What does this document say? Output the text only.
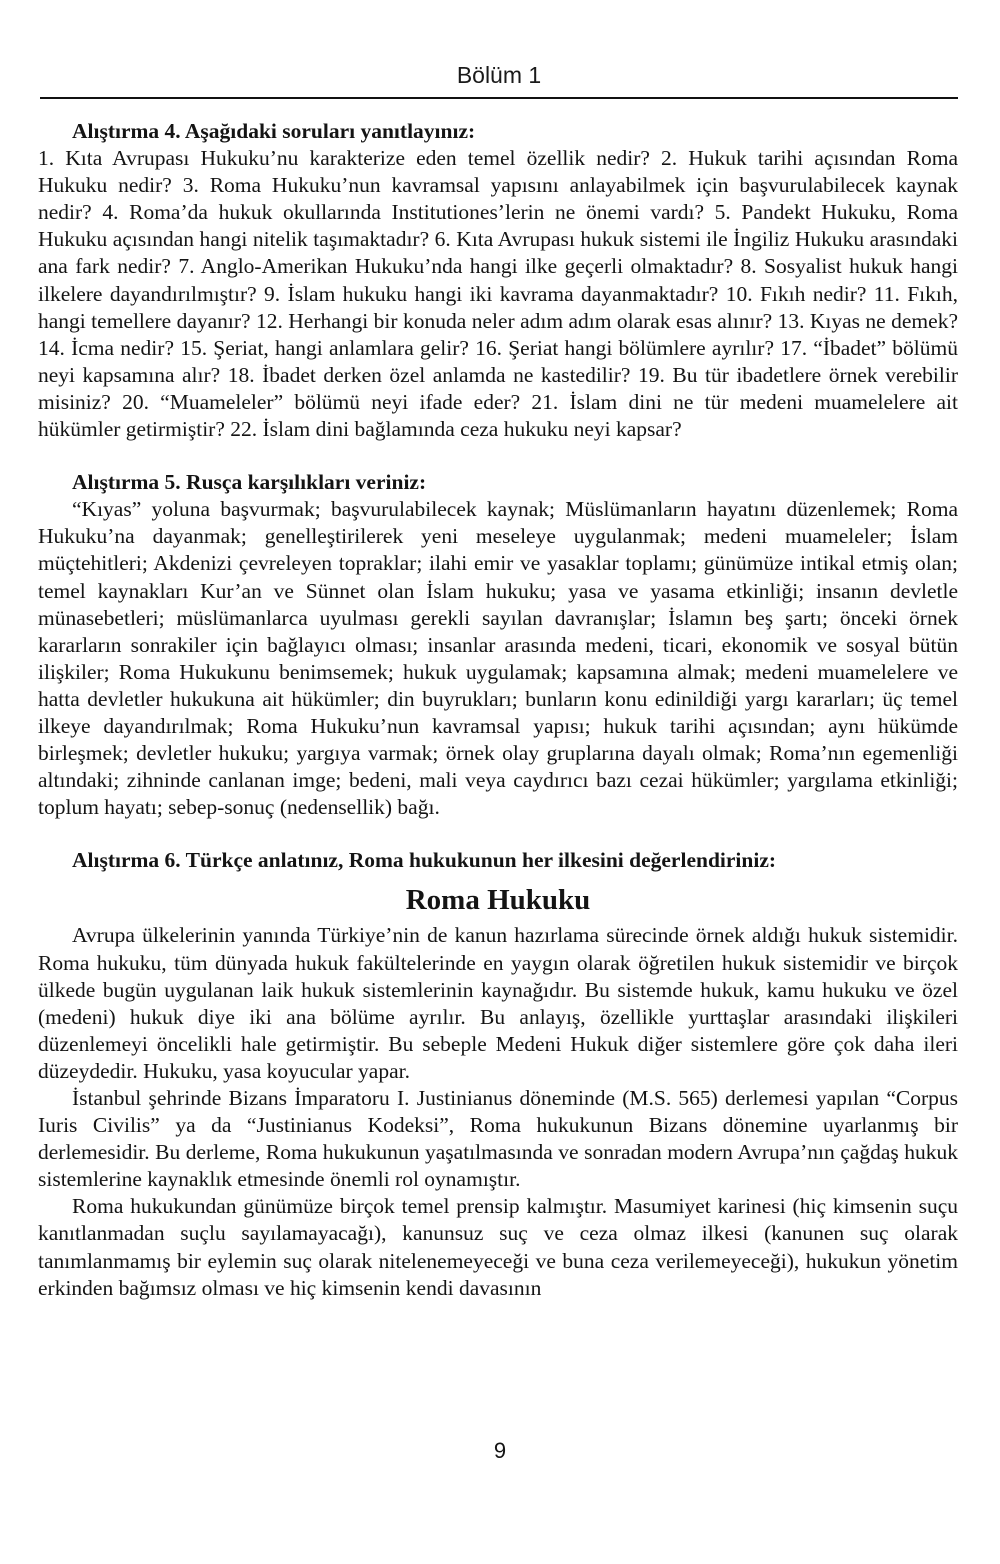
Bölüm 1

Alıştırma 4. Aşağıdaki soruları yanıtlayınız:

1. Kıta Avrupası Hukuku’nu karakterize eden temel özellik nedir? 2. Hukuk tarihi açısından Roma Hukuku nedir? 3. Roma Hukuku’nun kavramsal yapısını anlayabilmek için başvurulabilecek kaynak nedir? 4. Roma’da hukuk okullarında Institutiones’lerin ne önemi vardı? 5. Pandekt Hukuku, Roma Hukuku açısından hangi nitelik taşımaktadır? 6. Kıta Avrupası hukuk sistemi ile İngiliz Hukuku arasındaki ana fark nedir? 7. Anglo-Amerikan Hukuku’nda hangi ilke geçerli olmaktadır? 8. Sosyalist hukuk hangi ilkelere dayandırılmıştır? 9. İslam hukuku hangi iki kavrama dayanmaktadır? 10. Fıkıh nedir? 11. Fıkıh, hangi temellere dayanır? 12. Herhangi bir konuda neler adım adım olarak esas alınır? 13. Kıyas ne demek? 14. İcma nedir? 15. Şeriat, hangi anlamlara gelir? 16. Şeriat hangi bölümlere ayrılır? 17. “İbadet” bölümü neyi kapsamına alır? 18. İbadet derken özel anlamda ne kastedilir? 19. Bu tür ibadetlere örnek verebilir misiniz? 20. “Muameleler” bölümü neyi ifade eder? 21. İslam dini ne tür medeni muamelelere ait hükümler getirmiştir? 22. İslam dini bağlamında ceza hukuku neyi kapsar?

Alıştırma 5. Rusça karşılıkları veriniz:

“Kıyas” yoluna başvurmak; başvurulabilecek kaynak; Müslümanların hayatını düzenlemek; Roma Hukuku’na dayanmak; genelleştirilerek yeni meseleye uygulanmak; medeni muameleler; İslam müçtehitleri; Akdenizi çevreleyen topraklar; ilahi emir ve yasaklar toplamı; günümüze intikal etmiş olan; temel kaynakları Kur’an ve Sünnet olan İslam hukuku; yasa ve yasama etkinliği; insanın devletle münasebetleri; müslümanlarca uyulması gerekli sayılan davranışlar; İslamın beş şartı; önceki örnek kararların sonrakiler için bağlayıcı olması; insanlar arasında medeni, ticari, ekonomik ve sosyal bütün ilişkiler; Roma Hukukunu benimsemek; hukuk uygulamak; kapsamına almak; medeni muamelelere ve hatta devletler hukukuna ait hükümler; din buyrukları; bunların konu edinildiği yargı kararları; üç temel ilkeye dayandırılmak; Roma Hukuku’nun kavramsal yapısı; hukuk tarihi açısından; aynı hükümde birleşmek; devletler hukuku; yargıya varmak; örnek olay gruplarına dayalı olmak; Roma’nın egemenliği altındaki; zihninde canlanan imge; bedeni, mali veya caydırıcı bazı cezai hükümler; yargılama etkinliği; toplum hayatı; sebep-sonuç (nedensellik) bağı.

Alıştırma 6. Türkçe anlatınız, Roma hukukunun her ilkesini değerlendiriniz:

Roma Hukuku

Avrupa ülkelerinin yanında Türkiye’nin de kanun hazırlama sürecinde örnek aldığı hukuk sistemidir. Roma hukuku, tüm dünyada hukuk fakültelerinde en yaygın olarak öğretilen hukuk sistemidir ve birçok ülkede bugün uygulanan laik hukuk sistemlerinin kaynağıdır. Bu sistemde hukuk, kamu hukuku ve özel (medeni) hukuk diye iki ana bölüme ayrılır. Bu anlayış, özellikle yurttaşlar arasındaki ilişkileri düzenlemeyi öncelikli hale getirmiştir. Bu sebeple Medeni Hukuk diğer sistemlere göre çok daha ileri düzeydedir. Hukuku, yasa koyucular yapar.

İstanbul şehrinde Bizans İmparatoru I. Justinianus döneminde (M.S. 565) derlemesi yapılan “Corpus Iuris Civilis” ya da “Justinianus Kodeksi”, Roma hukukunun Bizans dönemine uyarlanmış bir derlemesidir. Bu derleme, Roma hukukunun yaşatılmasında ve sonradan modern Avrupa’nın çağdaş hukuk sistemlerine kaynaklık etmesinde önemli rol oynamıştır.

Roma hukukundan günümüze birçok temel prensip kalmıştır. Masumiyet karinesi (hiç kimsenin suçu kanıtlanmadan suçlu sayılamayacağı), kanunsuz suç ve ceza olmaz ilkesi (kanunen suç olarak tanımlanmamış bir eylemin suç olarak nitelenemeyeceği ve buna ceza verilemeyeceği), hukukun yönetim erkinden bağımsız olması ve hiç kimsenin kendi davasının

9
